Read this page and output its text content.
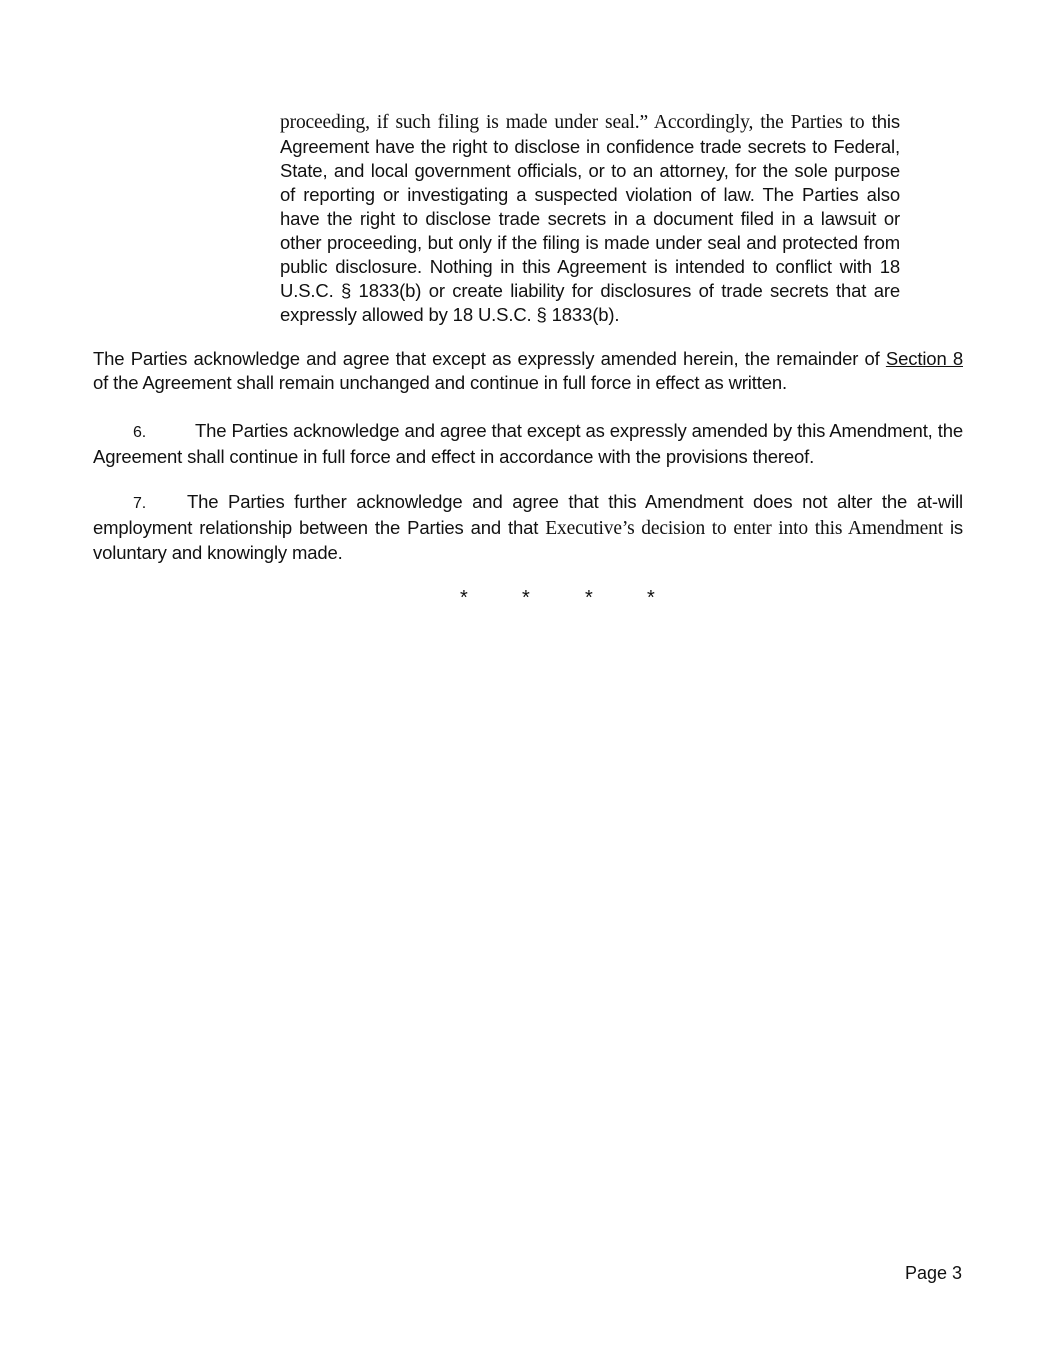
proceeding, if such filing is made under seal.” Accordingly, the Parties to this Agreement have the right to disclose in confidence trade secrets to Federal, State, and local government officials, or to an attorney, for the sole purpose of reporting or investigating a suspected violation of law. The Parties also have the right to disclose trade secrets in a document filed in a lawsuit or other proceeding, but only if the filing is made under seal and protected from public disclosure. Nothing in this Agreement is intended to conflict with 18 U.S.C. § 1833(b) or create liability for disclosures of trade secrets that are expressly allowed by 18 U.S.C. § 1833(b).
The Parties acknowledge and agree that except as expressly amended herein, the remainder of Section 8 of the Agreement shall remain unchanged and continue in full force in effect as written.
6.	The Parties acknowledge and agree that except as expressly amended by this Amendment, the Agreement shall continue in full force and effect in accordance with the provisions thereof.
7. The Parties further acknowledge and agree that this Amendment does not alter the at-will employment relationship between the Parties and that Executive’s decision to enter into this Amendment is voluntary and knowingly made.
*	*	*	*
Page 3
